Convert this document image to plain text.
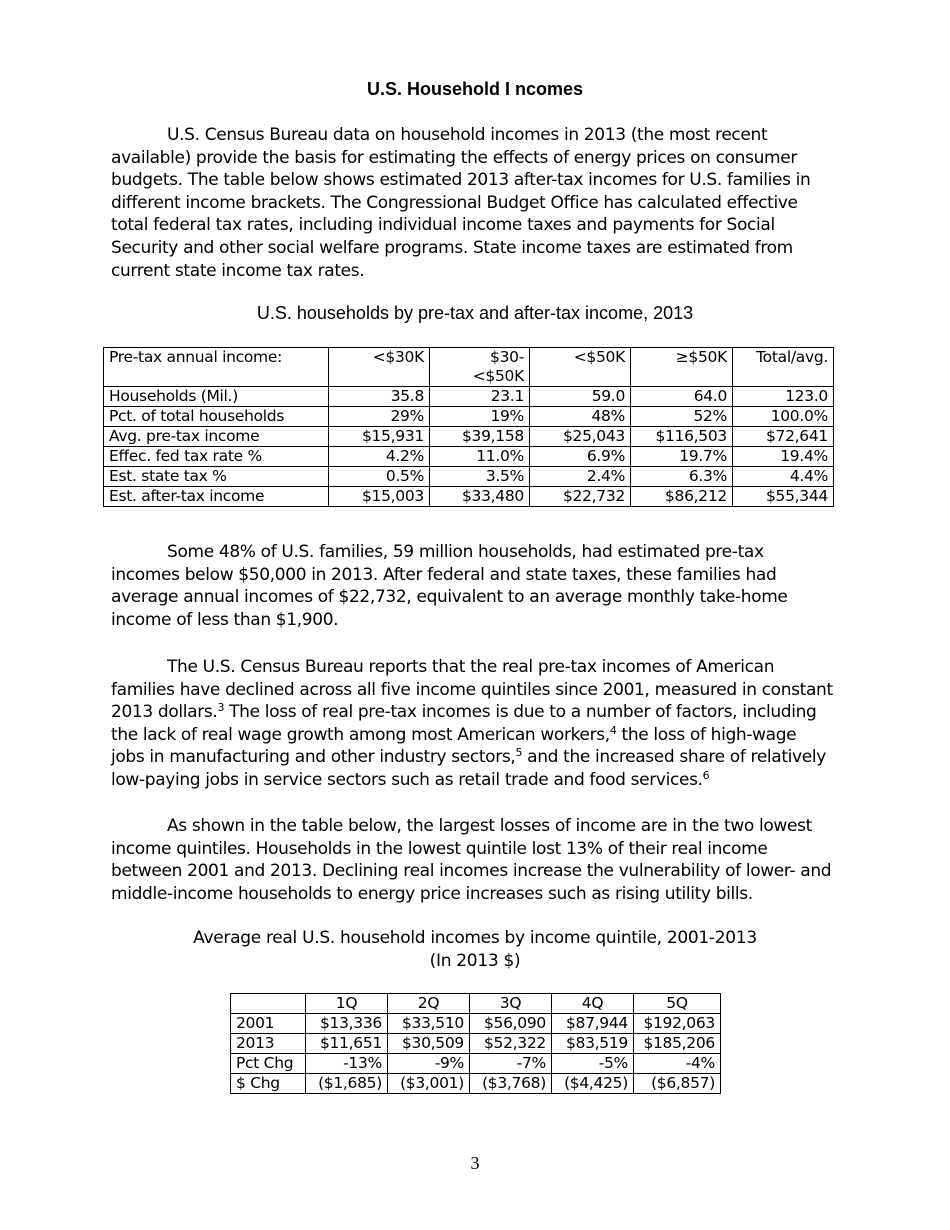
U.S. Household I ncomes

U.S. Census Bureau data on household incomes in 2013 (the most recent
available) provide the basis for estimating the effects of energy prices on consumer
budgets. The table below shows estimated 2013 after-tax incomes for U.S. families in
different income brackets. The Congressional Budget Office has calculated effective
total federal tax rates, including individual income taxes and payments for Social
Security and other social welfare programs. State income taxes are estimated from
current state income tax rates.

U.S. households by pre-tax and after-tax income, 2013
Pre-tax annual income:	<$30K	$30-
<$50K	<$50K	≥$50K	Total/avg.
Households (Mil.)	35.8	23.1	59.0	64.0	123.0
Pct. of total households	29%	19%	48%	52%	100.0%
Avg. pre-tax income	$15,931	$39,158	$25,043	$116,503	$72,641
Effec. fed tax rate %	4.2%	11.0%	6.9%	19.7%	19.4%
Est. state tax %	0.5%	3.5%	2.4%	6.3%	4.4%
Est. after-tax income	$15,003	$33,480	$22,732	$86,212	$55,344

Some 48% of U.S. families, 59 million households, had estimated pre-tax
incomes below $50,000 in 2013. After federal and state taxes, these families had
average annual incomes of $22,732, equivalent to an average monthly take-home
income of less than $1,900.

The U.S. Census Bureau reports that the real pre-tax incomes of American
families have declined across all five income quintiles since 2001, measured in constant
2013 dollars.$^3$ The loss of real pre-tax incomes is due to a number of factors, including
the lack of real wage growth among most American workers,$^4$ the loss of high-wage
jobs in manufacturing and other industry sectors,$^5$ and the increased share of relatively
low-paying jobs in service sectors such as retail trade and food services.$^6$

As shown in the table below, the largest losses of income are in the two lowest
income quintiles. Households in the lowest quintile lost 13% of their real income
between 2001 and 2013. Declining real incomes increase the vulnerability of lower- and
middle-income households to energy price increases such as rising utility bills.

Average real U.S. household incomes by income quintile, 2001-2013
(In 2013 $)
	1Q	2Q	3Q	4Q	5Q
2001	$13,336	$33,510	$56,090	$87,944	$192,063
2013	$11,651	$30,509	$52,322	$83,519	$185,206
Pct Chg	-13%	-9%	-7%	-5%	-4%
$ Chg	($1,685)	($3,001)	($3,768)	($4,425)	($6,857)
3
